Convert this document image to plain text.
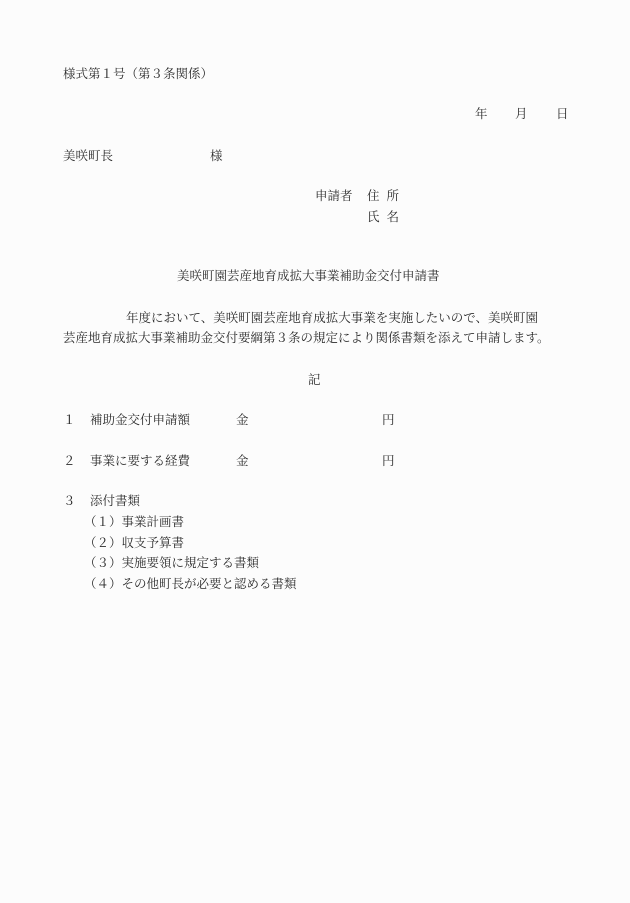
様式第１号（第３条関係）
年 月 日
美咲町長	様
申請者 住所
氏名
美咲町園芸産地育成拡大事業補助金交付申請書
年度において、美咲町園芸産地育成拡大事業を実施したいので、美咲町園
芸産地育成拡大事業補助金交付要綱第３条の規定により関係書類を添えて申請します。
記
１	補助金交付申請額	金	円
２	事業に要する経費	金	円
３	添付書類
（１）事業計画書
（２）収支予算書
（３）実施要領に規定する書類
（４）その他町長が必要と認める書類
